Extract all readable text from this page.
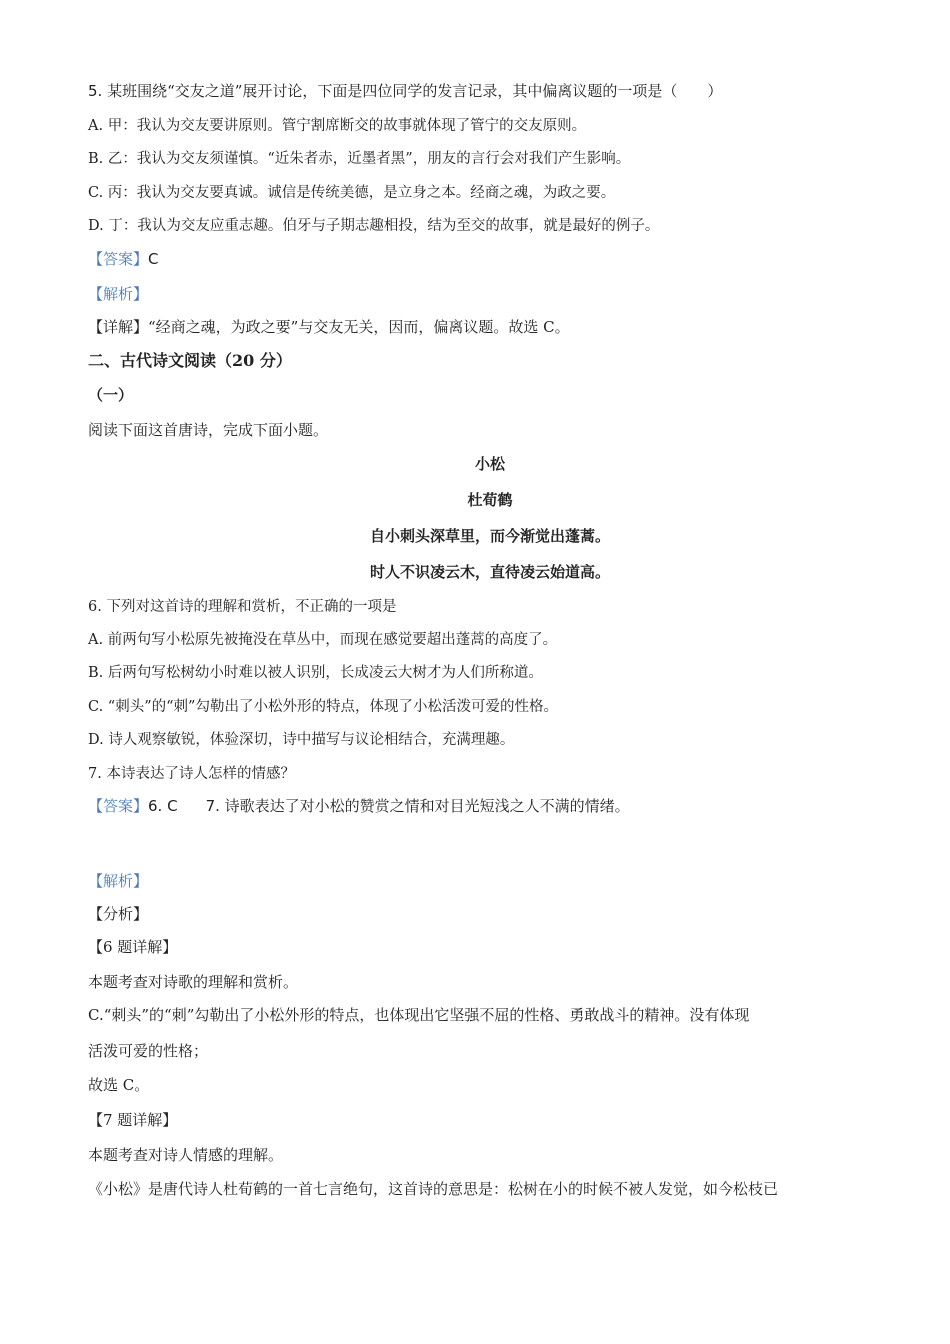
5. 某班围绕“交友之道”展开讨论，下面是四位同学的发言记录，其中偏离议题的一项是（　　）
A. 甲：我认为交友要讲原则。管宁割席断交的故事就体现了管宁的交友原则。
B. 乙：我认为交友须谨慎。“近朱者赤，近墨者黑”，朋友的言行会对我们产生影响。
C. 丙：我认为交友要真诚。诚信是传统美德，是立身之本。经商之魂，为政之要。
D. 丁：我认为交友应重志趣。伯牙与子期志趣相投，结为至交的故事，就是最好的例子。
【答案】C
【解析】
【详解】“经商之魂，为政之要”与交友无关，因而，偏离议题。故选 C。
二、古代诗文阅读（20 分）
（一）
阅读下面这首唐诗，完成下面小题。
小松
杜荀鹤
自小刺头深草里，而今渐觉出蓬蒿。
时人不识凌云木，直待凌云始道高。
6. 下列对这首诗的理解和赏析，不正确的一项是
A. 前两句写小松原先被掩没在草丛中，而现在感觉要超出蓬蒿的高度了。
B. 后两句写松树幼小时难以被人识别，长成凌云大树才为人们所称道。
C. “刺头”的“刺”勾勒出了小松外形的特点，体现了小松活泼可爱的性格。
D. 诗人观察敏锐，体验深切，诗中描写与议论相结合，充满理趣。
7. 本诗表达了诗人怎样的情感？
【答案】6. C 7. 诗歌表达了对小松的赞赏之情和对目光短浅之人不满的情绪。
【解析】
【分析】
【6 题详解】
本题考查对诗歌的理解和赏析。
C.“刺头”的“刺”勾勒出了小松外形的特点，也体现出它坚强不屈的性格、勇敢战斗的精神。没有体现
活泼可爱的性格；
故选 C。
【7 题详解】
本题考查对诗人情感的理解。
《小松》是唐代诗人杜荀鹤的一首七言绝句，这首诗的意思是：松树在小的时候不被人发觉，如今松枝已
